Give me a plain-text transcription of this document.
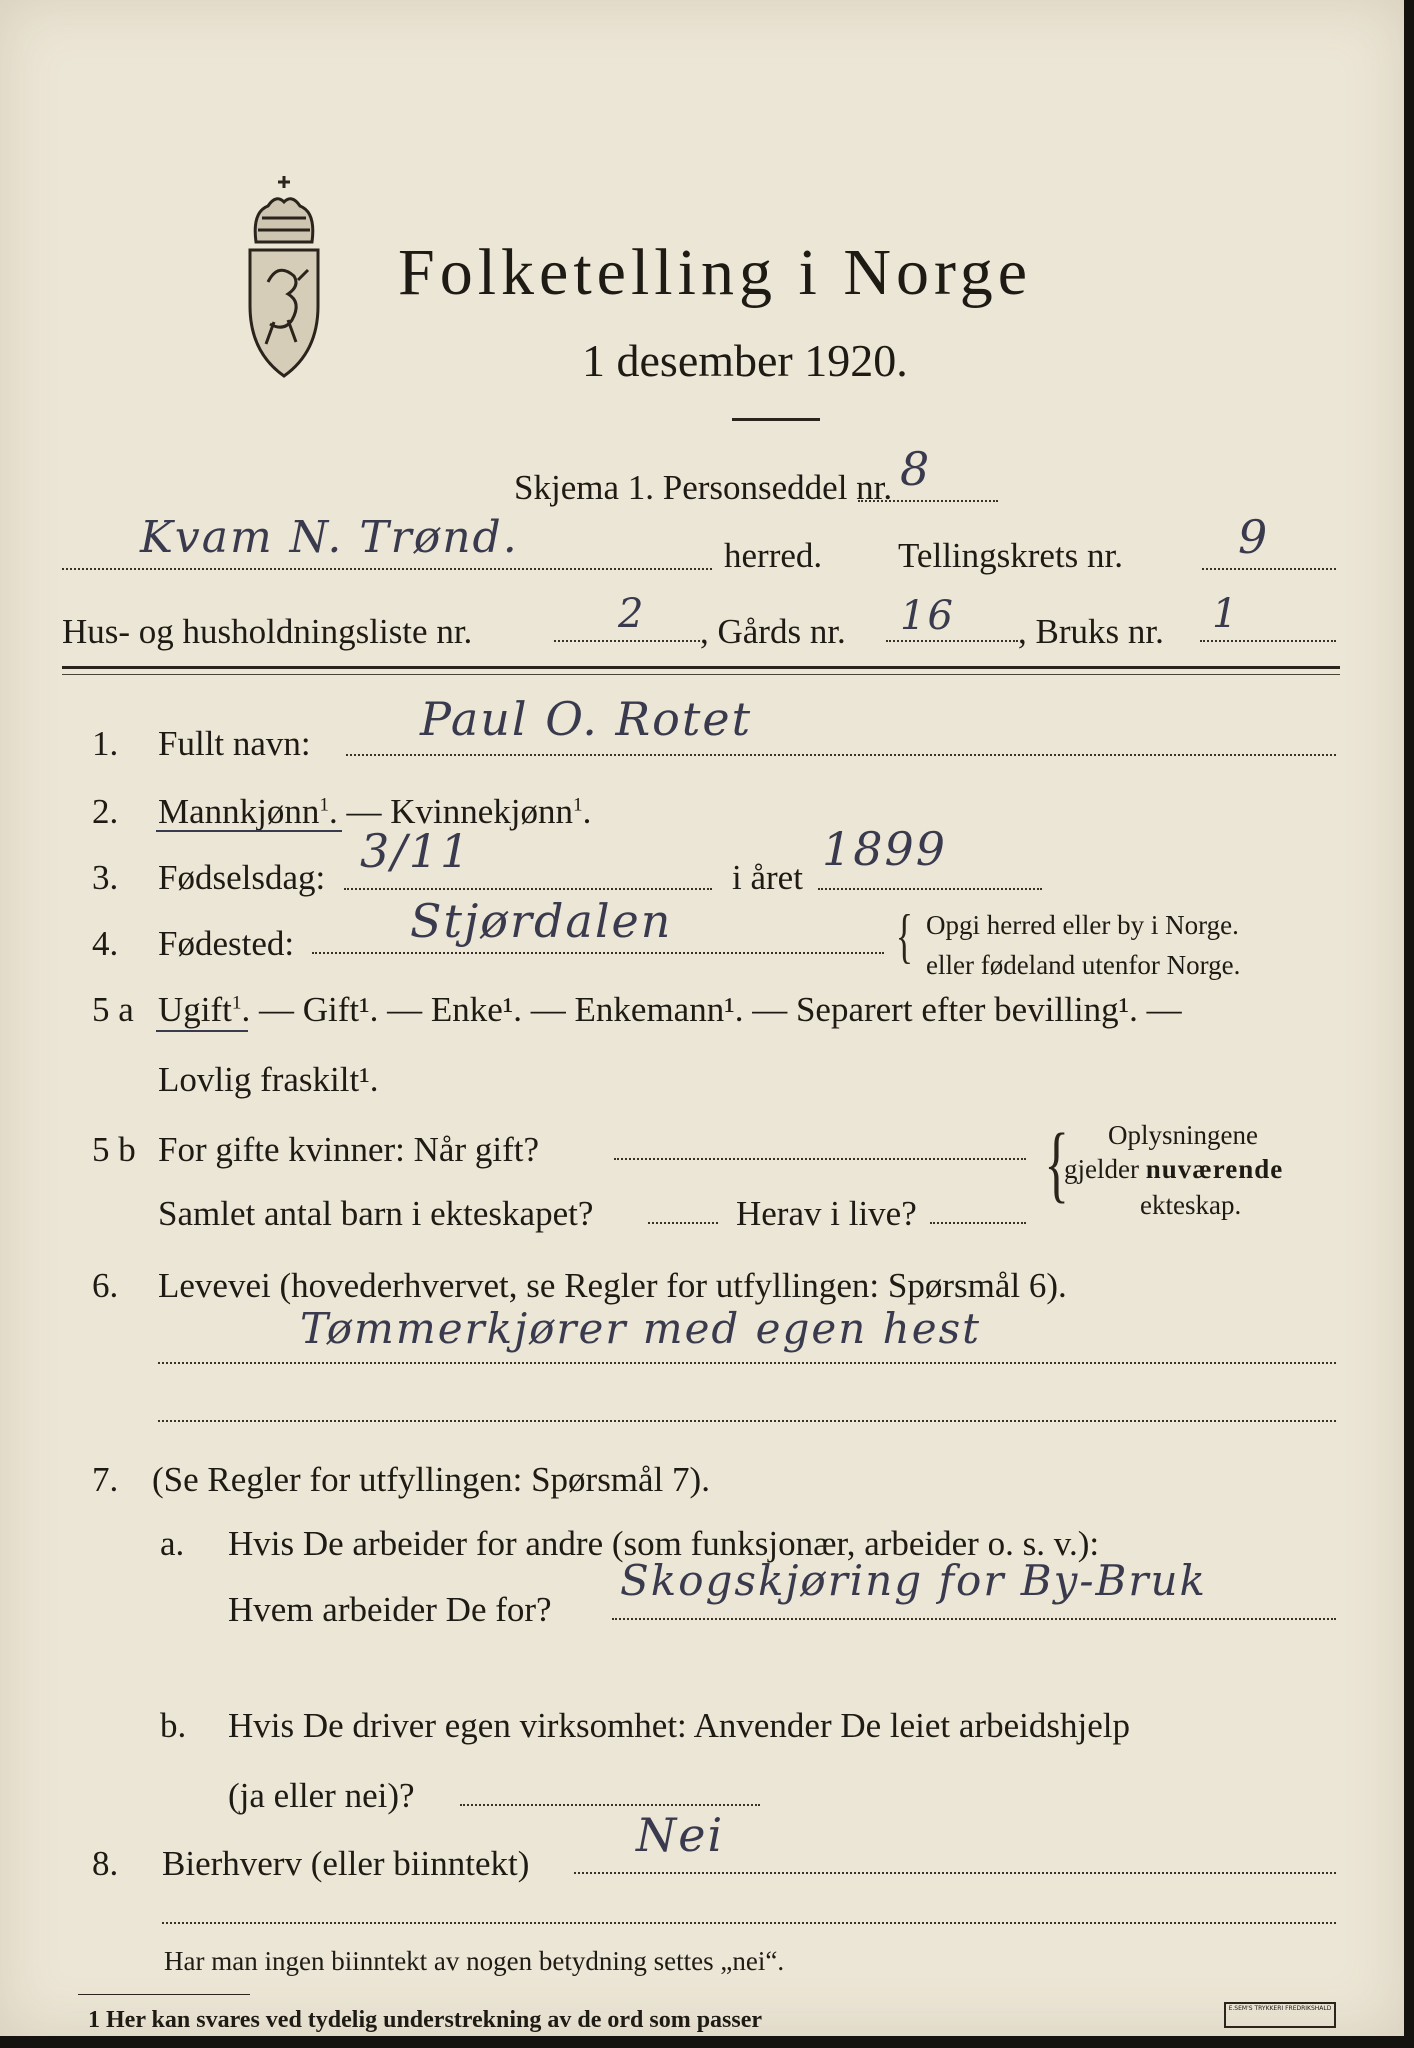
Folketelling i Norge
1 desember 1920.
Skjema 1. Personseddel nr. 8
Kvam N. Trønd.	herred. Tellingskrets nr. 9
Hus- og husholdningsliste nr.	2 , Gårds nr. 16 , Bruks nr. 1
1. Fullt navn: Paul O. Rotet
2. Mannkjønn$^1$. — Kvinnekjønn$^1$.
3. Fødselsdag: 3/11	i året
1899
4. Fødested:	Stjørdalen	{ Opgi herred eller by i Norge.
eller fødeland utenfor Norge.
5 a Ugift$^1$. — Gift¹. — Enke¹. — Enkemann¹. — Separert efter bevilling¹. —
Lovlig fraskilt¹.
5 b For gifte kvinner: Når gift?
Samlet antal barn i ekteskapet?	Herav i live?
{ Oplysningene
gjelder nuværende
ekteskap.
6. Levevei (hovederhvervet, se Regler for utfyllingen: Spørsmål 6).
Tømmerkjører med egen hest
7. (Se Regler for utfyllingen: Spørsmål 7).
a. Hvis De arbeider for andre (som funksjonær, arbeider o. s. v.):
Hvem arbeider De for?
Skogskjøring for By-Bruk
b. Hvis De driver egen virksomhet: Anvender De leiet arbeidshjelp
(ja eller nei)?
8. Bierhverv (eller biinntekt)
Nei
Har man ingen biinntekt av nogen betydning settes „nei“.
1 Her kan svares ved tydelig understrekning av de ord som passer	E.SEM'S TRYKKERI FREDRIKSHALD
